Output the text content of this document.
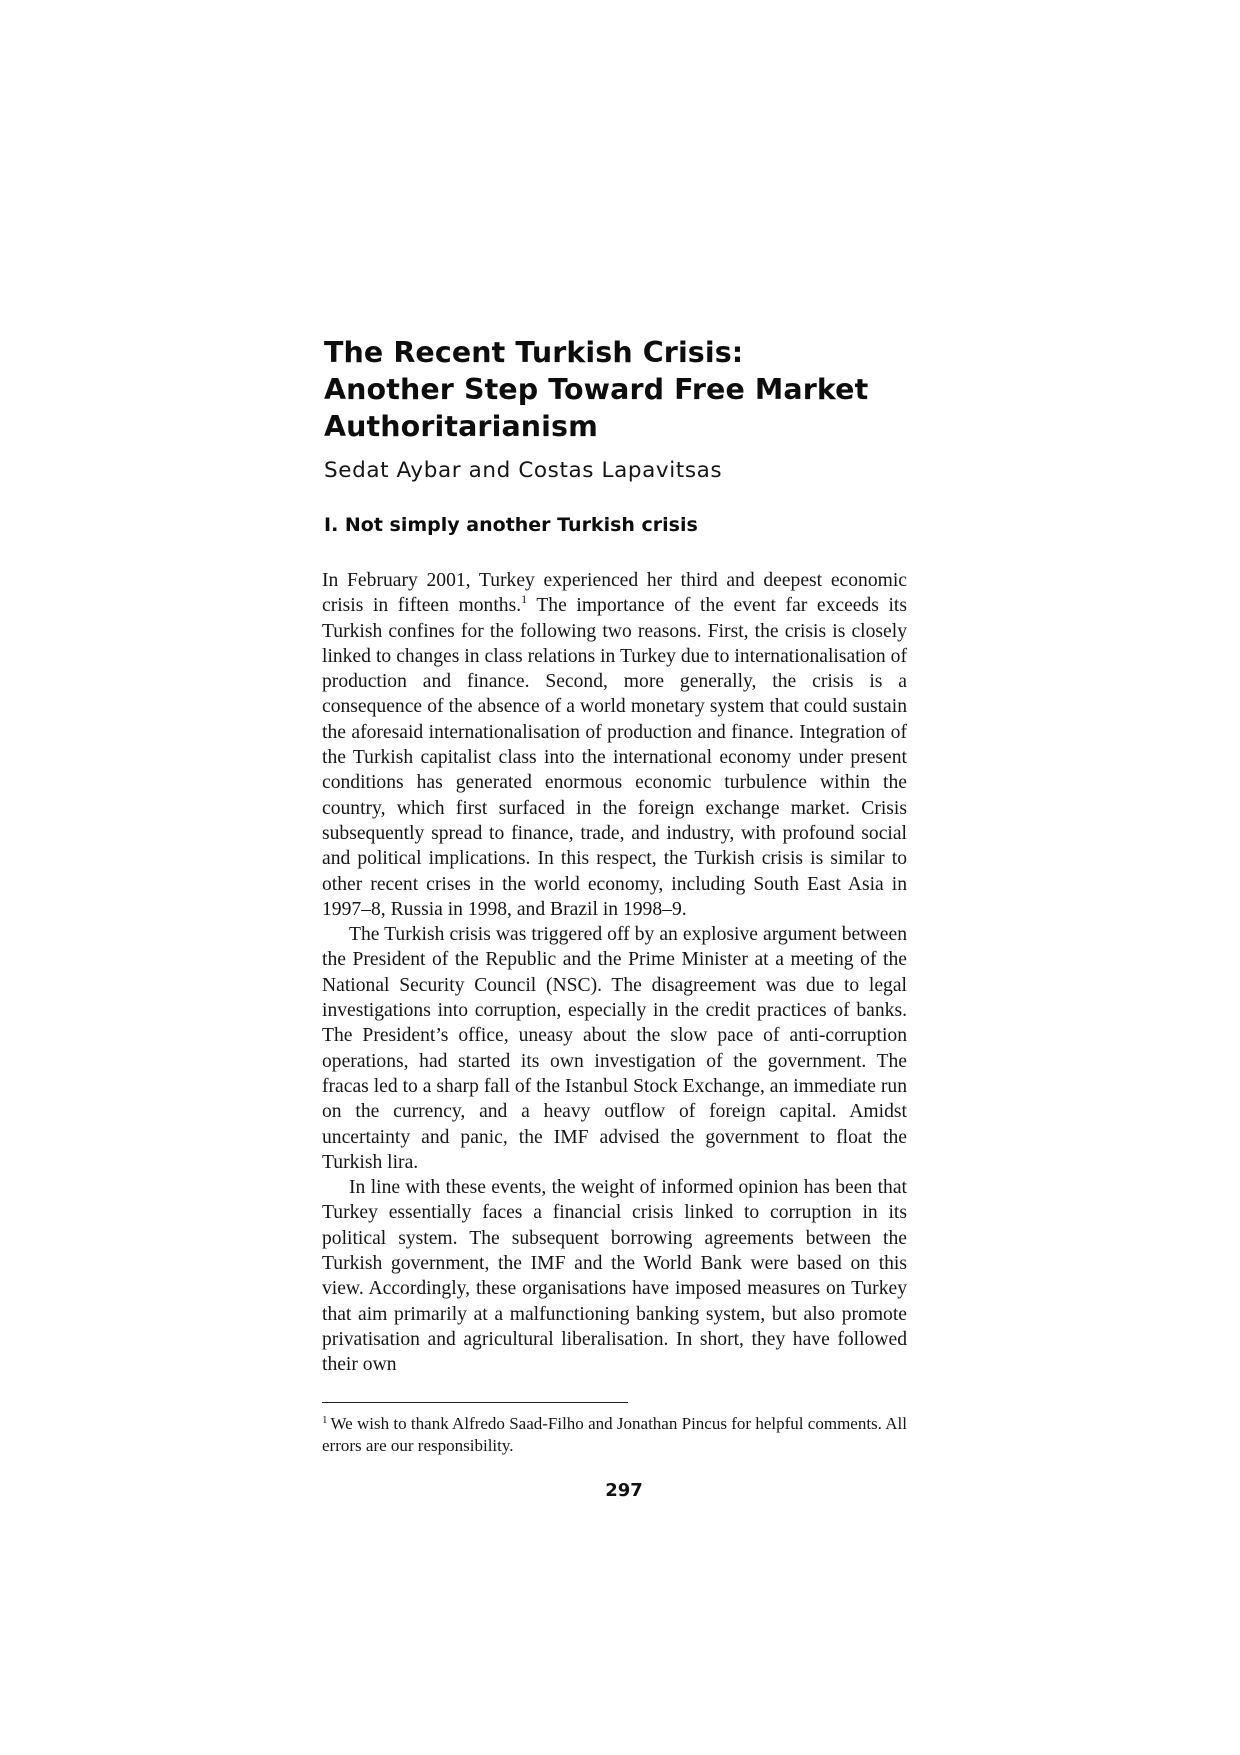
The Recent Turkish Crisis:
Another Step Toward Free Market
Authoritarianism
Sedat Aybar and Costas Lapavitsas
I. Not simply another Turkish crisis

In February 2001, Turkey experienced her third and deepest economic crisis in fifteen months.$^1$ The importance of the event far exceeds its Turkish confines for the following two reasons. First, the crisis is closely linked to changes in class relations in Turkey due to internationalisation of production and finance. Second, more generally, the crisis is a consequence of the absence of a world monetary system that could sustain the aforesaid internationalisation of production and finance. Integration of the Turkish capitalist class into the international economy under present conditions has generated enormous economic turbulence within the country, which first surfaced in the foreign exchange market. Crisis subsequently spread to finance, trade, and industry, with profound social and political implications. In this respect, the Turkish crisis is similar to other recent crises in the world economy, including South East Asia in 1997–8, Russia in 1998, and Brazil in 1998–9.

The Turkish crisis was triggered off by an explosive argument between the President of the Republic and the Prime Minister at a meeting of the National Security Council (NSC). The disagreement was due to legal investigations into corruption, especially in the credit practices of banks. The President’s office, uneasy about the slow pace of anti-corruption operations, had started its own investigation of the government. The fracas led to a sharp fall of the Istanbul Stock Exchange, an immediate run on the currency, and a heavy outflow of foreign capital. Amidst uncertainty and panic, the IMF advised the government to float the Turkish lira.

In line with these events, the weight of informed opinion has been that Turkey essentially faces a financial crisis linked to corruption in its political system. The subsequent borrowing agreements between the Turkish government, the IMF and the World Bank were based on this view. Accordingly, these organisations have imposed measures on Turkey that aim primarily at a malfunctioning banking system, but also promote privatisation and agricultural liberalisation. In short, they have followed their own

$^1$ We wish to thank Alfredo Saad-Filho and Jonathan Pincus for helpful comments. All errors are our responsibility.
297
